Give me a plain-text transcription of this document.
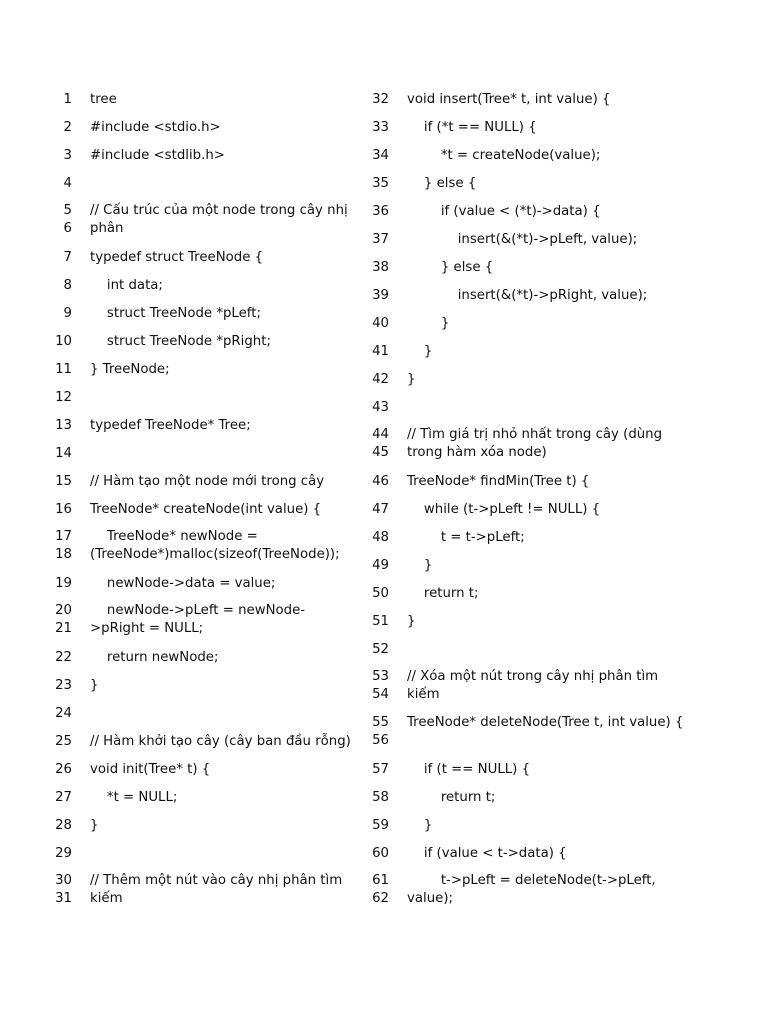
1 tree
2 #include <stdio.h>
3 #include <stdlib.h>
4
5
6
// Cấu trúc của một node trong cây nhị phân
7 typedef struct TreeNode {
8 int data;
9 struct TreeNode *pLeft;
10 struct TreeNode *pRight;
11 } TreeNode;
12
13 typedef TreeNode* Tree;
14
15 // Hàm tạo một node mới trong cây
16 TreeNode* createNode(int value) {
17
18
TreeNode* newNode =
(TreeNode*)malloc(sizeof(TreeNode));
19 newNode->data = value;
20
21
newNode->pLeft = newNode-
>pRight = NULL;
22 return newNode;
23 }
24
25 // Hàm khởi tạo cây (cây ban đầu rỗng)
26 void init(Tree* t) {
27 *t = NULL;
28 }
29
30
31
// Thêm một nút vào cây nhị phân tìm kiếm
32 void insert(Tree* t, int value) {
33 if (*t == NULL) {
34 *t = createNode(value);
35 } else {
36 if (value < (*t)->data) {
37 insert(&(*t)->pLeft, value);
38 } else {
39 insert(&(*t)->pRight, value);
40 }
41 }
42 }
43
44
45
// Tìm giá trị nhỏ nhất trong cây (dùng trong hàm xóa node)
46 TreeNode* findMin(Tree t) {
47 while (t->pLeft != NULL) {
48 t = t->pLeft;
49 }
50 return t;
51 }
52
53
54
// Xóa một nút trong cây nhị phân tìm kiếm
55
56
TreeNode* deleteNode(Tree t, int value) {
57 if (t == NULL) {
58 return t;
59 }
60 if (value < t->data) {
61
62
t->pLeft = deleteNode(t->pLeft,
value);
